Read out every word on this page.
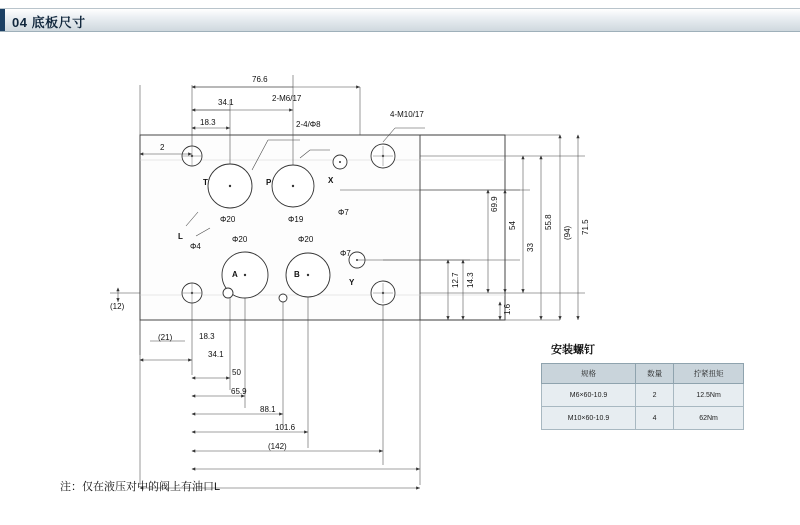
04 底板尺寸
76.6
34.1
18.3
2
2-M6/17
2-4/Φ8
4-M10/17
T	P	X
A	B
Y
L
Φ20	Φ19
Φ7
Φ4
Φ20	Φ20
Φ7
69.9
71.5
(94)
54	55.8
33
12.7 14.3
1.6
(12)
(21)	18.3
34.1
50
65.9
88.1
101.6
(142)
安装螺钉
规格	数量	拧紧扭矩
M6×60-10.9	2	12.5Nm
M10×60-10.9	4	62Nm
注：仅在液压对中的阀上有油口L
